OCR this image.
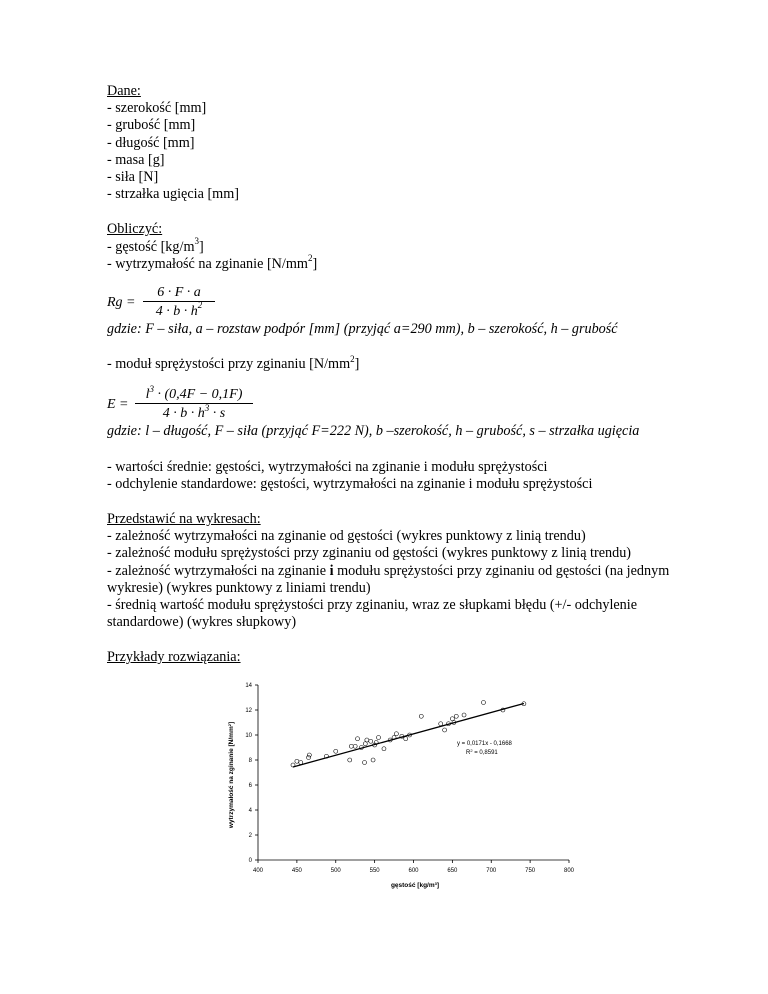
Dane:
- szerokość [mm]
- grubość [mm]
- długość [mm]
- masa [g]
- siła [N]
- strzałka ugięcia [mm]
Obliczyć:
- gęstość $[kg/m^3]$
- wytrzymałość na zginanie $[N/mm^2]$
Rg =
6 · F · a
$4 \cdot b \cdot h^2$
gdzie: F – siła, a – rozstaw podpór [mm] (przyjąć a=290 mm), b – szerokość, h – grubość
- moduł sprężystości przy zginaniu $[N/mm^2]$
E =
$l^3 \cdot (0,4F - 0,1F)$
$4 \cdot b \cdot h^3 \cdot s$
gdzie: l – długość, F – siła (przyjąć F=222 N), b –szerokość, h – grubość, s – strzałka ugięcia
- wartości średnie: gęstości, wytrzymałości na zginanie i modułu sprężystości
- odchylenie standardowe: gęstości, wytrzymałości na zginanie i modułu sprężystości
Przedstawić na wykresach:
- zależność wytrzymałości na zginanie od gęstości (wykres punktowy z linią trendu)
- zależność modułu sprężystości przy zginaniu od gęstości (wykres punktowy z linią trendu)
- zależność wytrzymałości na zginanie i modułu sprężystości przy zginaniu od gęstości (na jednym wykresie) (wykres punktowy z liniami trendu)
- średnią wartość modułu sprężystości przy zginaniu, wraz ze słupkami błędu (+/- odchylenie standardowe) (wykres słupkowy)
Przykłady rozwiązania:
0
2
4
6
8
10
12
14
400	450	500	550	600	650	700	750	800
y = 0,0171x - 0,1668
$R^2 = 0,8591$
gęstość $[kg/m^3]$
wytrzymałość na zginanie $[N/mm^2]$
